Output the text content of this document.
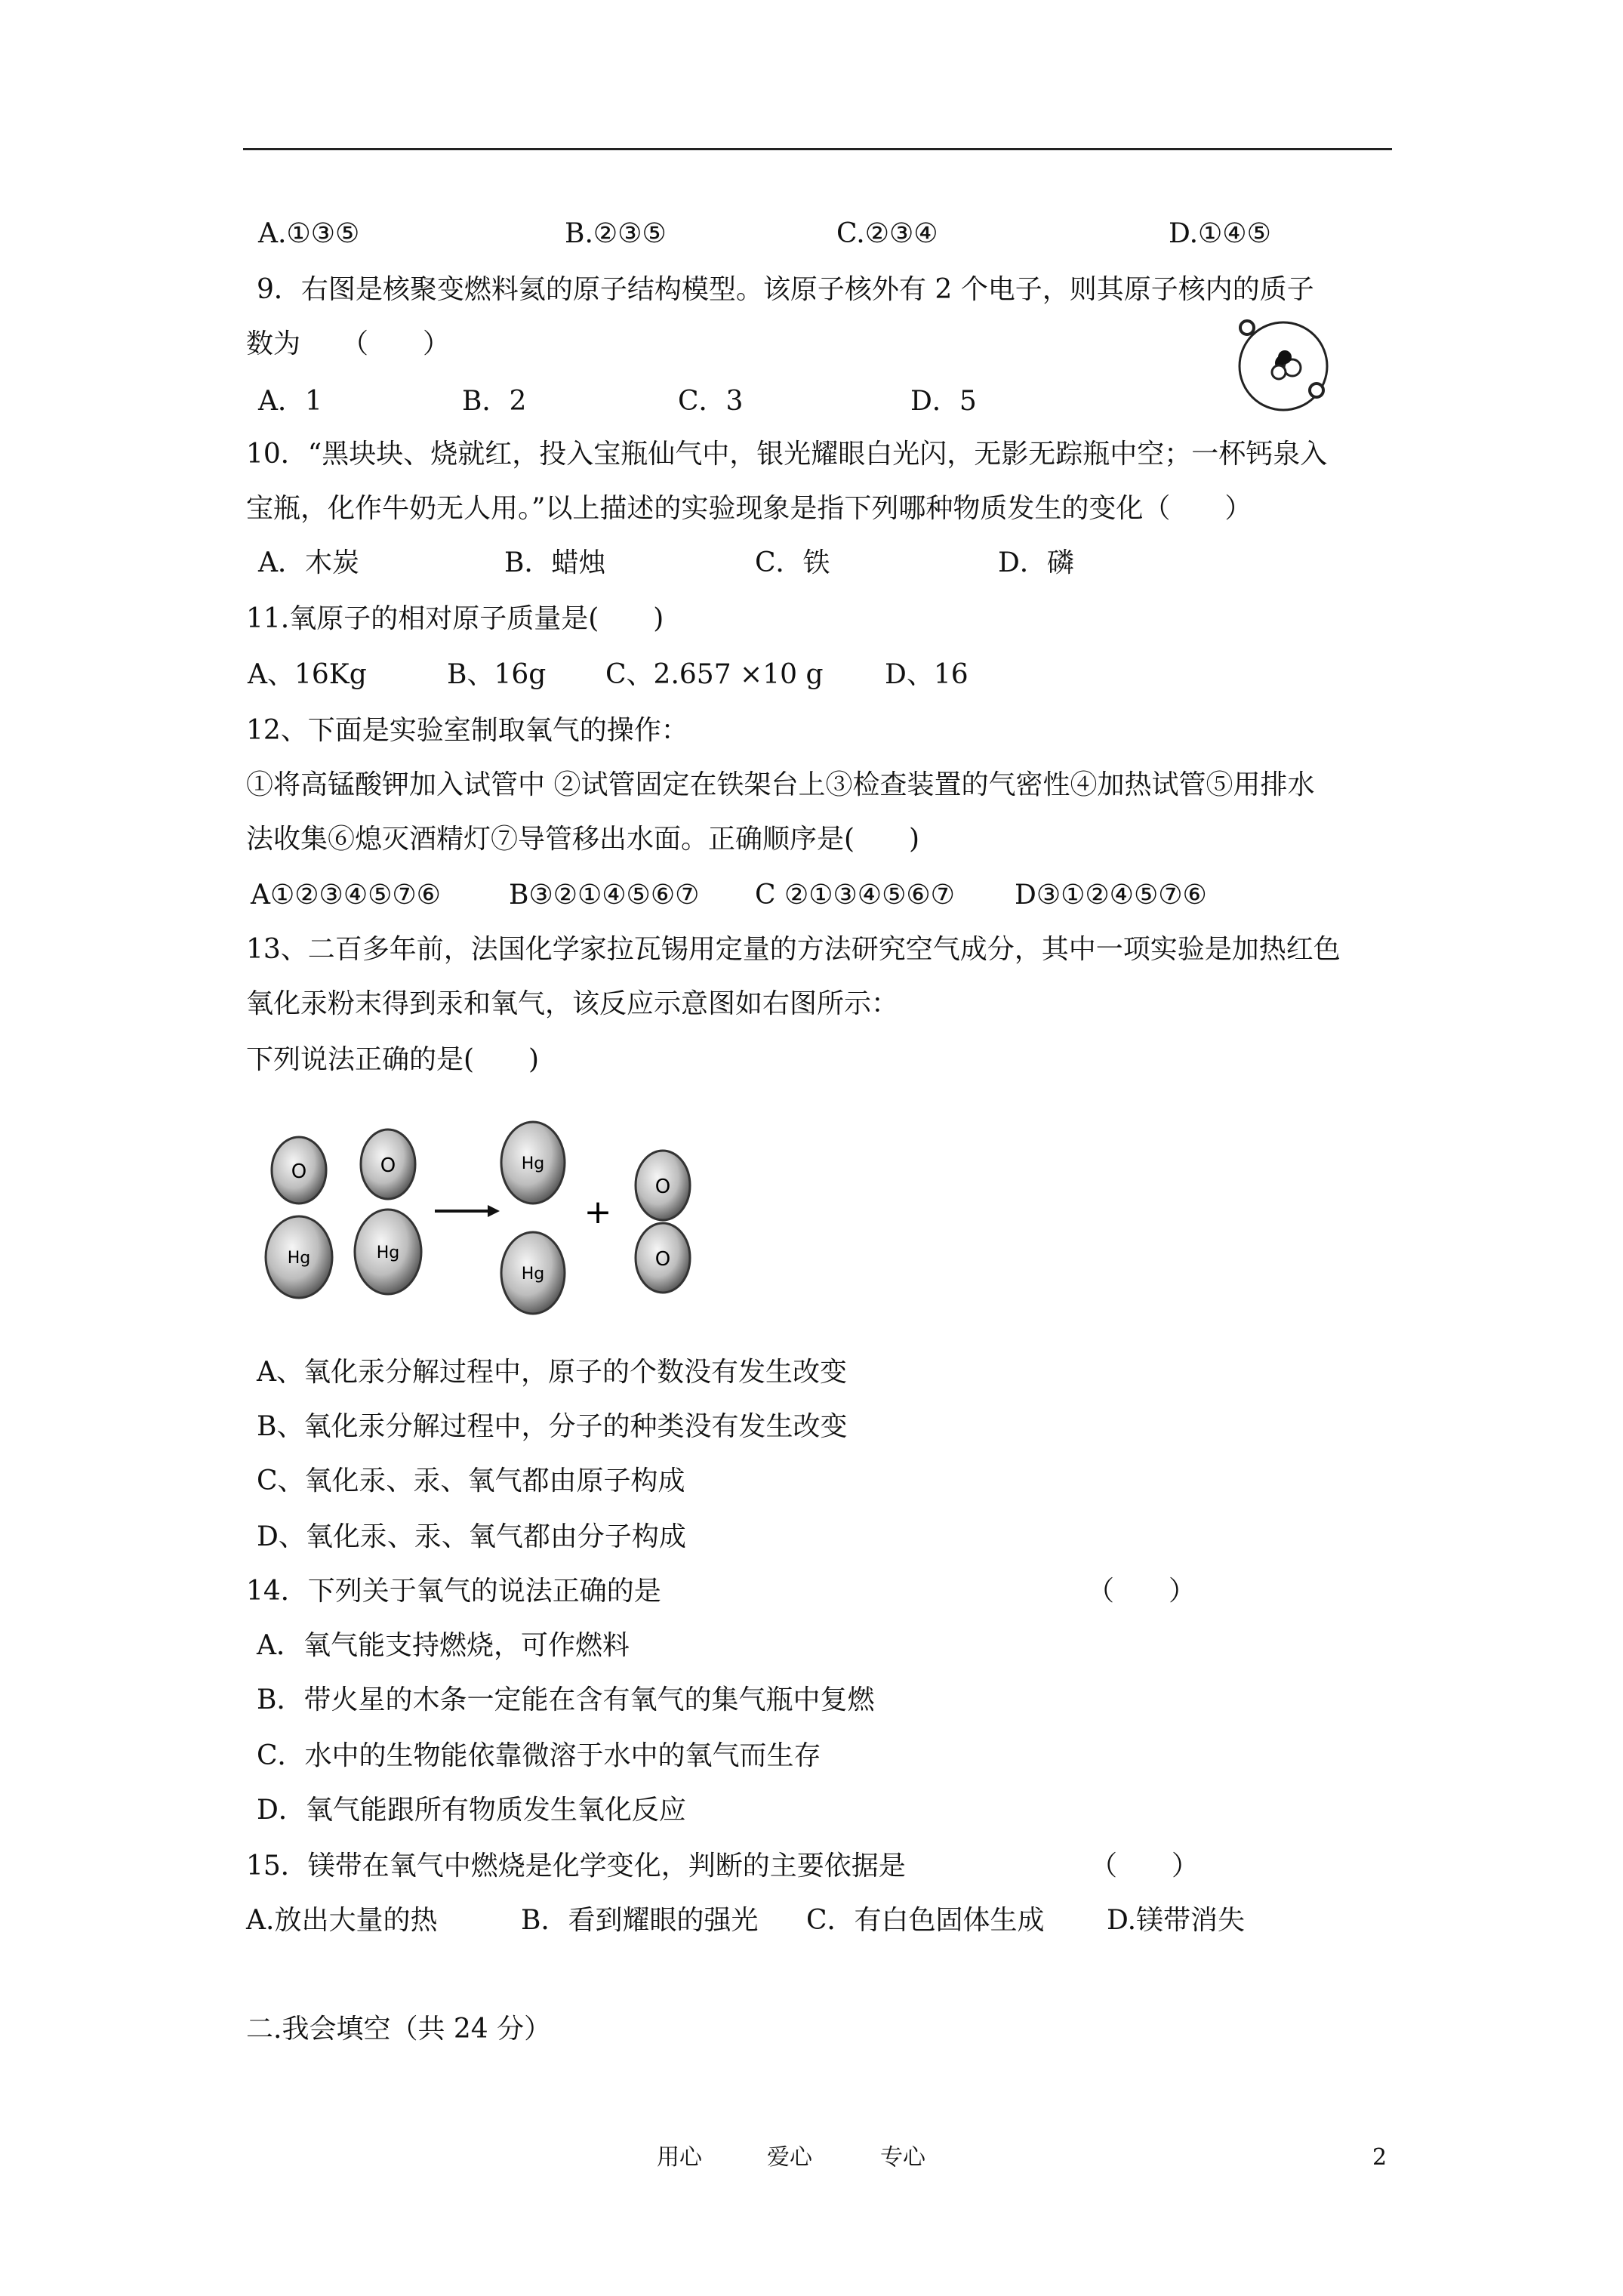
A.①③⑤	B.②③⑤	C.②③④	D.①④⑤
9．右图是核聚变燃料氦的原子结构模型。该原子核外有 2 个电子，则其原子核内的质子
数为　　（　　）
A．1	B．2	C．3	D．5
10．“黑块块、烧就红，投入宝瓶仙气中，银光耀眼白光闪，无影无踪瓶中空；一杯钙泉入
宝瓶，化作牛奶无人用。”以上描述的实验现象是指下列哪种物质发生的变化（　　）
A．木炭	B．蜡烛	C．铁	D．磷
11.氧原子的相对原子质量是(　　)
A、16Kg	B、16g C、2.657 ×10 g D、16
12、下面是实验室制取氧气的操作：
①将高锰酸钾加入试管中 ②试管固定在铁架台上③检查装置的气密性④加热试管⑤用排水
法收集⑥熄灭酒精灯⑦导管移出水面。正确顺序是(　　)
A①②③④⑤⑦⑥	B③②①④⑤⑥⑦ C ②①③④⑤⑥⑦ D③①②④⑤⑦⑥
13、二百多年前，法国化学家拉瓦锡用定量的方法研究空气成分，其中一项实验是加热红色
氧化汞粉末得到汞和氧气，该反应示意图如右图所示：
下列说法正确的是(　　)
O
Hg
O
Hg
Hg
Hg
+
O
O
A、氧化汞分解过程中，原子的个数没有发生改变
B、氧化汞分解过程中，分子的种类没有发生改变
C、氧化汞、汞、氧气都由原子构成
D、氧化汞、汞、氧气都由分子构成
14．下列关于氧气的说法正确的是	（　　）
A．氧气能支持燃烧，可作燃料
B．带火星的木条一定能在含有氧气的集气瓶中复燃
C．水中的生物能依靠微溶于水中的氧气而生存
D．氧气能跟所有物质发生氧化反应
15．镁带在氧气中燃烧是化学变化，判断的主要依据是	（　　）
A.放出大量的热	B．看到耀眼的强光 C．有白色固体生成 D.镁带消失
二.我会填空（共 24 分）
用心	爱心	专心	2
